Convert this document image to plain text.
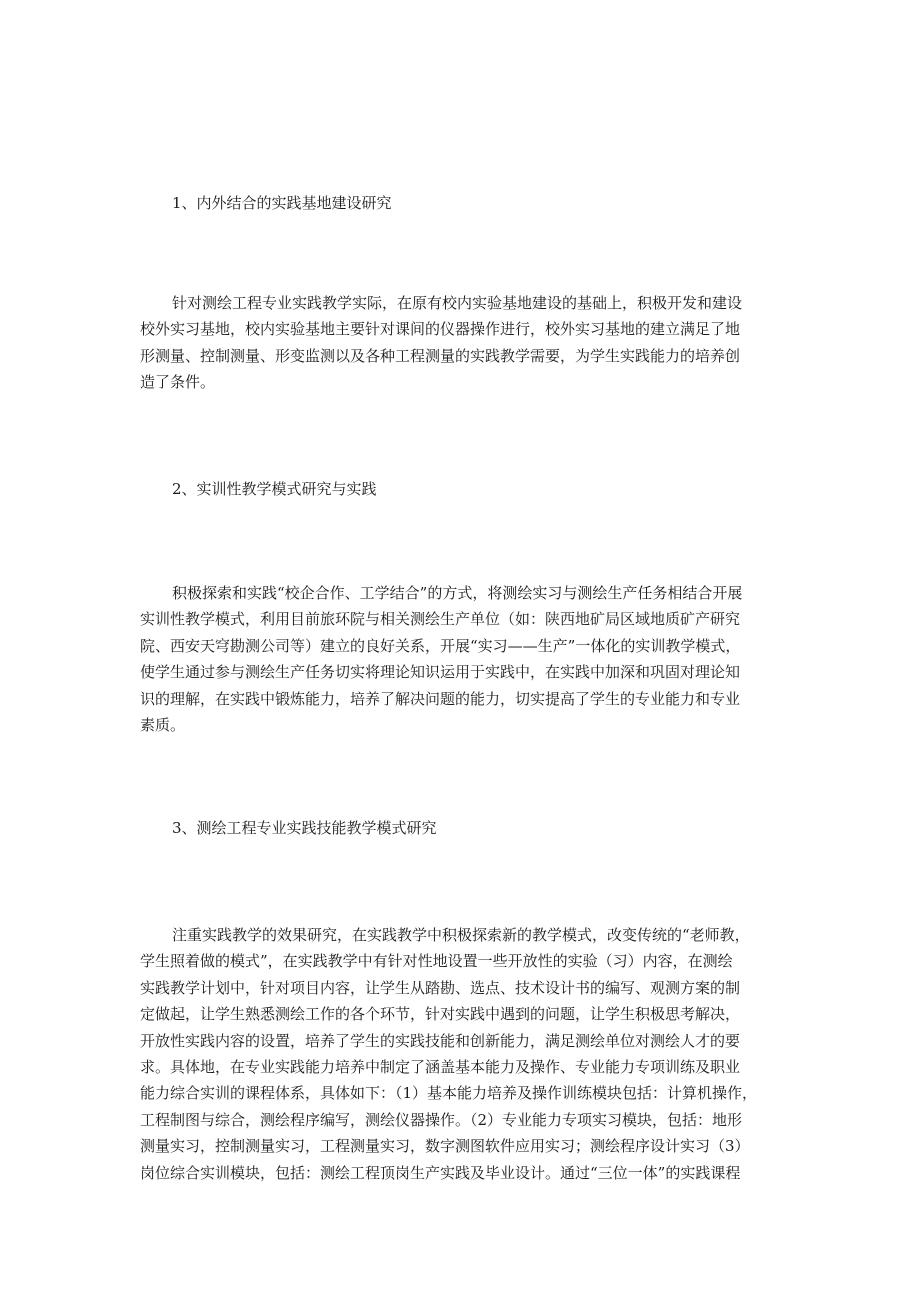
1、内外结合的实践基地建设研究
针对测绘工程专业实践教学实际，在原有校内实验基地建设的基础上，积极开发和建设
校外实习基地，校内实验基地主要针对课间的仪器操作进行，校外实习基地的建立满足了地
形测量、控制测量、形变监测以及各种工程测量的实践教学需要，为学生实践能力的培养创
造了条件。
2、实训性教学模式研究与实践
积极探索和实践“校企合作、工学结合”的方式，将测绘实习与测绘生产任务相结合开展
实训性教学模式，利用目前旅环院与相关测绘生产单位（如：陕西地矿局区域地质矿产研究
院、西安天穹勘测公司等）建立的良好关系，开展“实习——生产”一体化的实训教学模式，
使学生通过参与测绘生产任务切实将理论知识运用于实践中，在实践中加深和巩固对理论知
识的理解，在实践中锻炼能力，培养了解决问题的能力，切实提高了学生的专业能力和专业
素质。
3、测绘工程专业实践技能教学模式研究
注重实践教学的效果研究，在实践教学中积极探索新的教学模式，改变传统的“老师教，
学生照着做的模式”，在实践教学中有针对性地设置一些开放性的实验（习）内容，在测绘
实践教学计划中，针对项目内容，让学生从踏勘、选点、技术设计书的编写、观测方案的制
定做起，让学生熟悉测绘工作的各个环节，针对实践中遇到的问题，让学生积极思考解决，
开放性实践内容的设置，培养了学生的实践技能和创新能力，满足测绘单位对测绘人才的要
求。具体地，在专业实践能力培养中制定了涵盖基本能力及操作、专业能力专项训练及职业
能力综合实训的课程体系，具体如下：（1）基本能力培养及操作训练模块包括：计算机操作，
工程制图与综合，测绘程序编写，测绘仪器操作。（2）专业能力专项实习模块，包括：地形
测量实习，控制测量实习，工程测量实习，数字测图软件应用实习；测绘程序设计实习（3）
岗位综合实训模块，包括：测绘工程顶岗生产实践及毕业设计。通过“三位一体”的实践课程
